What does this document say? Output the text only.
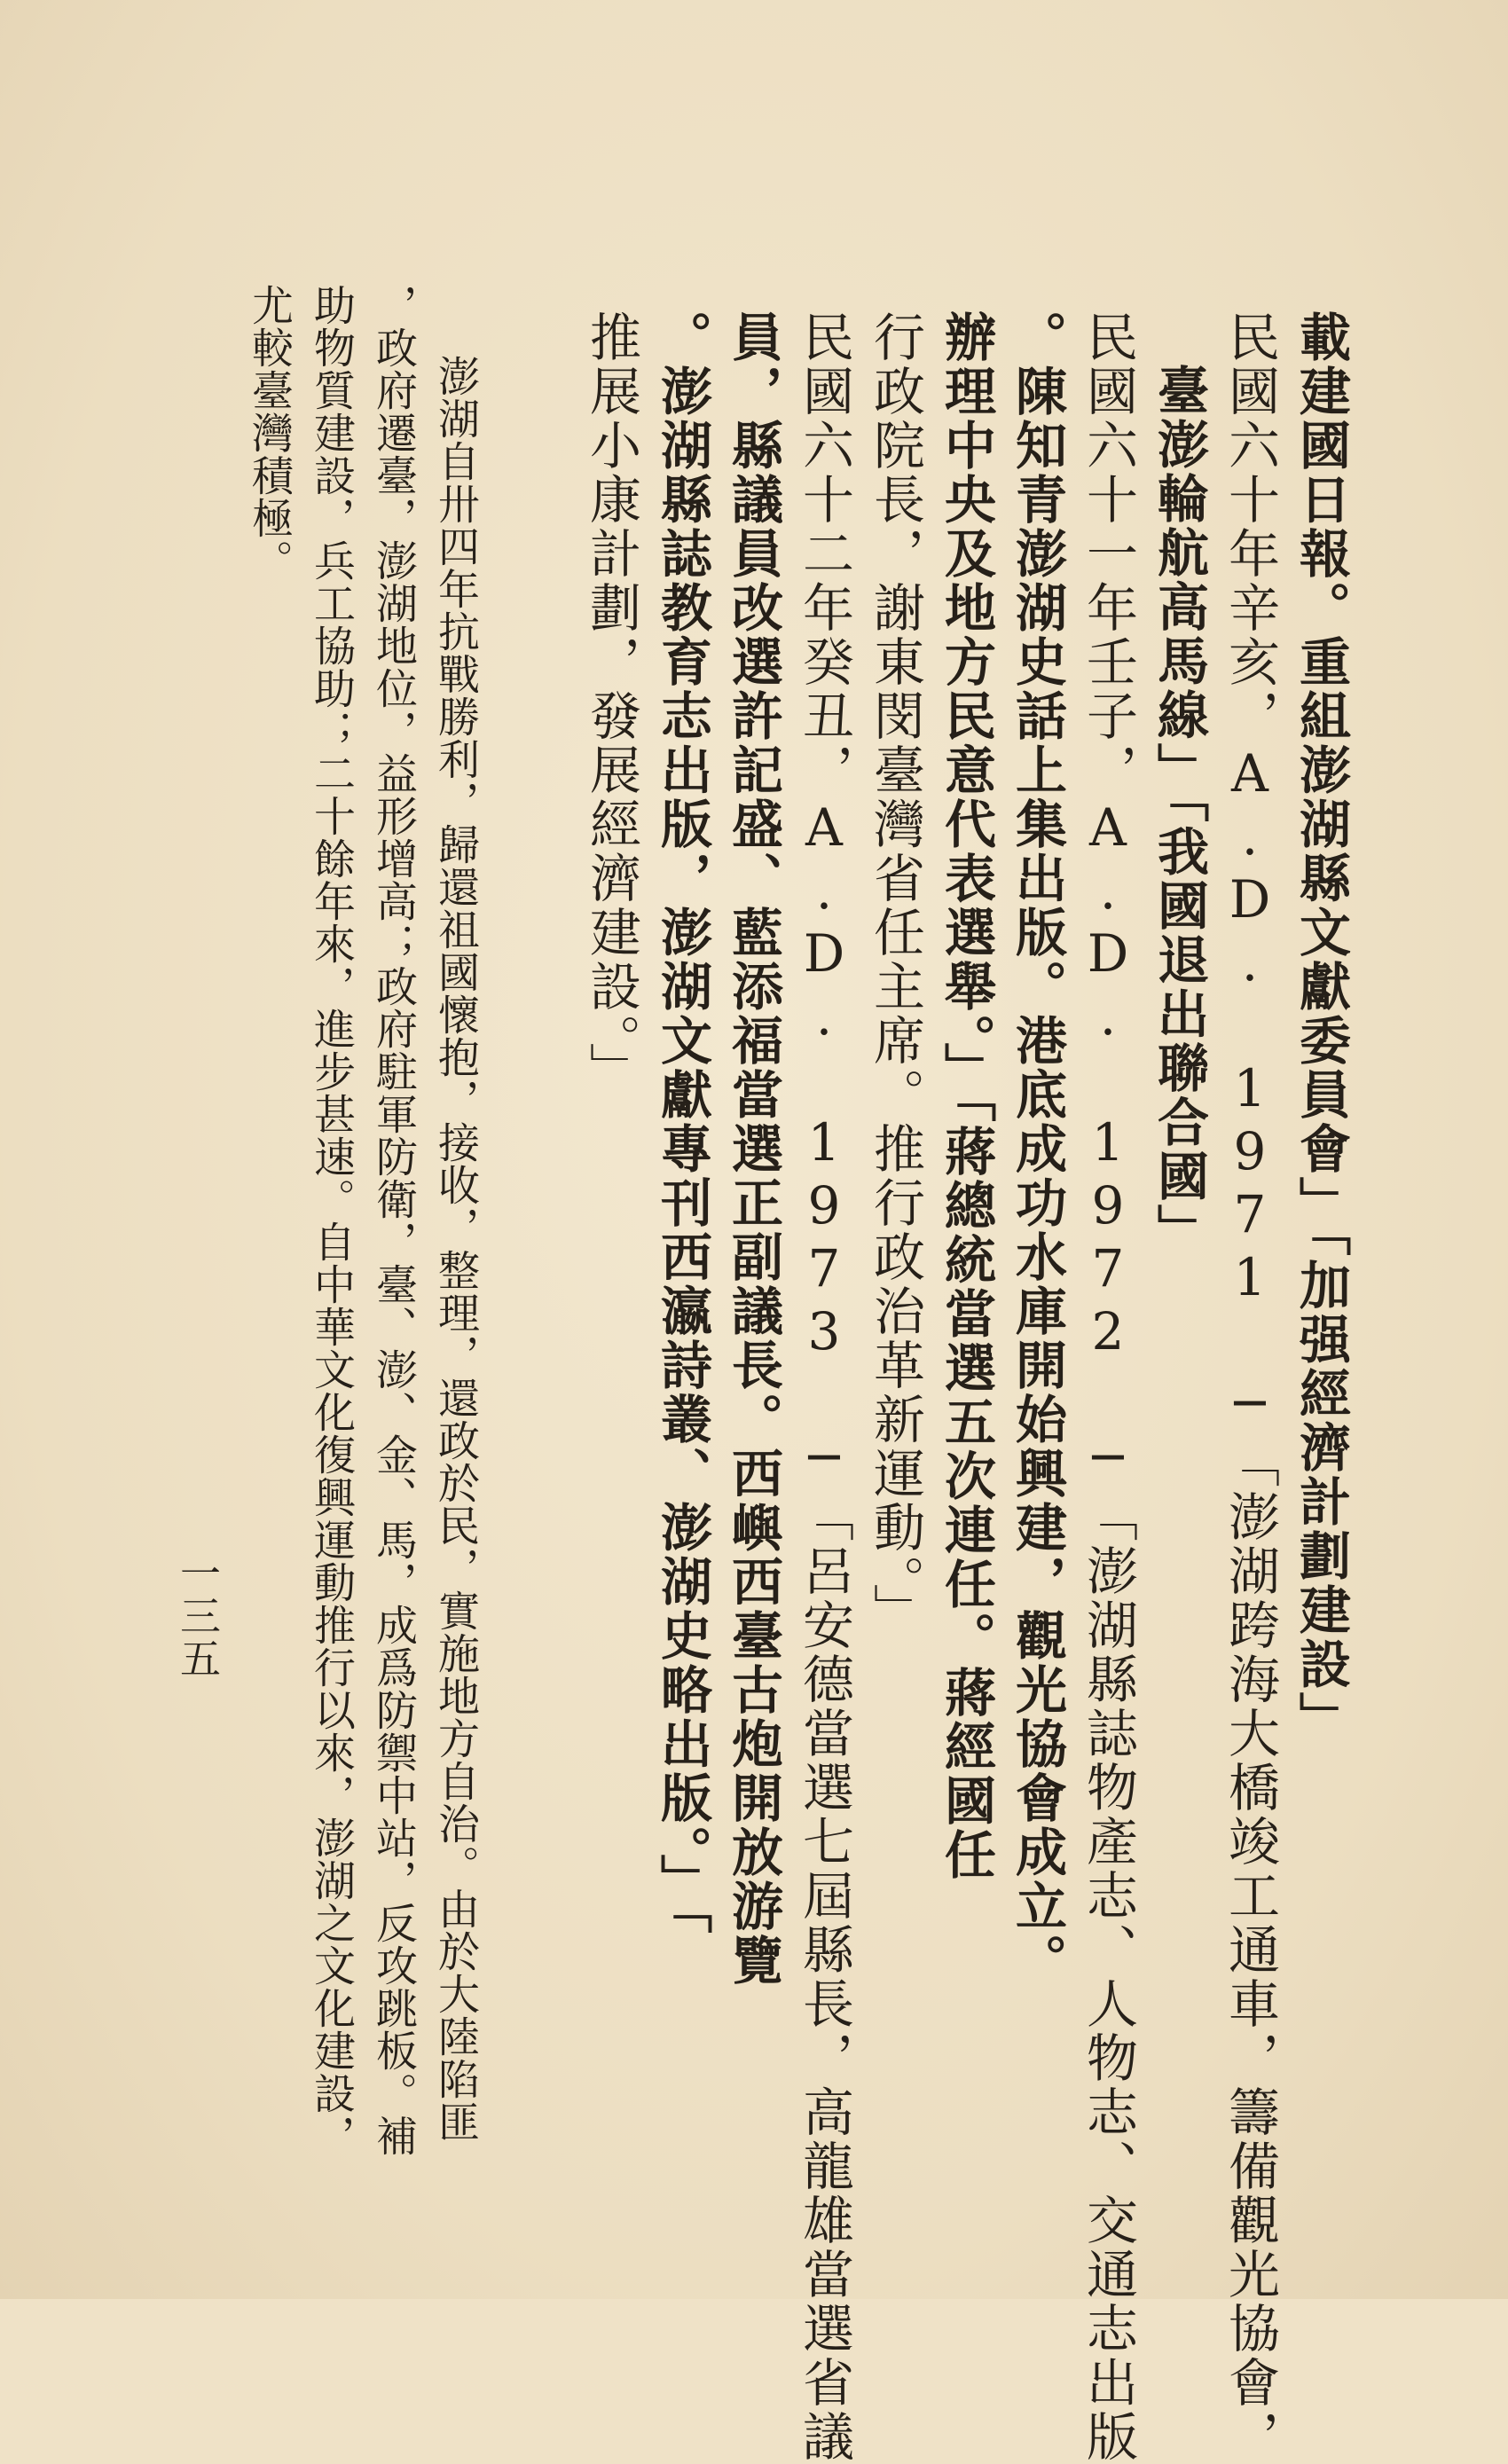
載建國日報。重組澎湖縣文獻委員會」「加强經濟計劃建設」
民國六十年辛亥，A.D. 1971 ─「澎湖跨海大橋竣工通車，籌備觀光協會，
臺澎輪航高馬線」「我國退出聯合國」
民國六十一年壬子，A.D. 1972 ─「澎湖縣誌物產志、人物志、交通志出版
。陳知青澎湖史話上集出版。港底成功水庫開始興建，觀光協會成立。
辦理中央及地方民意代表選舉。」「蔣總統當選五次連任。蔣經國任
行政院長，謝東閔臺灣省任主席。推行政治革新運動。」
民國六十二年癸丑，A.D. 1973 ─「呂安德當選七屆縣長，高龍雄當選省議
員，縣議員改選許記盛、藍添福當選正副議長。西嶼西臺古炮開放游覽
。澎湖縣誌教育志出版，澎湖文獻專刊西瀛詩叢、澎湖史略出版。」「
推展小康計劃，發展經濟建設。」
一三五	澎湖自卅四年抗戰勝利，歸還祖國懷抱，接收，整理，還政於民，實施地方自治。由於大陸陷匪
，政府遷臺，澎湖地位，益形增高；政府駐軍防衛，臺、澎、金、馬，成爲防禦中站，反攻跳板。補
助物質建設，兵工協助；二十餘年來，進步甚速。自中華文化復興運動推行以來，澎湖之文化建設，
尤較臺灣積極。
